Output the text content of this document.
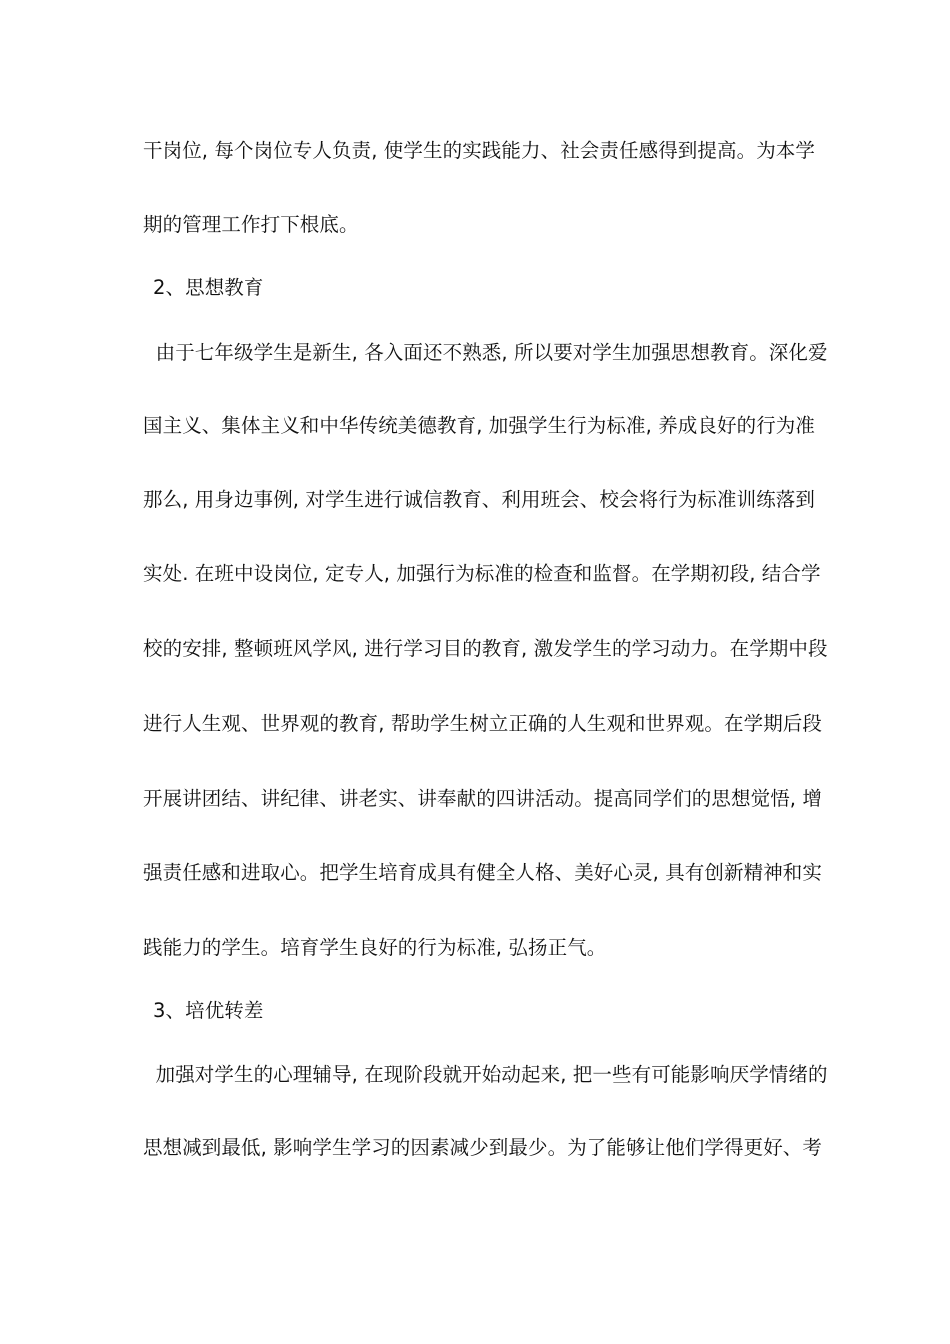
干岗位, 每个岗位专人负责, 使学生的实践能力、社会责任感得到提高。为本学
期的管理工作打下根底。
2、思想教育
由于七年级学生是新生, 各入面还不熟悉, 所以要对学生加强思想教育。深化爱
国主义、集体主义和中华传统美德教育, 加强学生行为标准, 养成良好的行为准
那么, 用身边事例, 对学生进行诚信教育、利用班会、校会将行为标准训练落到
实处. 在班中设岗位, 定专人, 加强行为标准的检查和监督。在学期初段, 结合学
校的安排, 整顿班风学风, 进行学习目的教育, 激发学生的学习动力。在学期中段
进行人生观、世界观的教育, 帮助学生树立正确的人生观和世界观。在学期后段
开展讲团结、讲纪律、讲老实、讲奉献的四讲活动。提高同学们的思想觉悟, 增
强责任感和进取心。把学生培育成具有健全人格、美好心灵, 具有创新精神和实
践能力的学生。培育学生良好的行为标准, 弘扬正气。
3、培优转差
加强对学生的心理辅导, 在现阶段就开始动起来, 把一些有可能影响厌学情绪的
思想减到最低, 影响学生学习的因素减少到最少。为了能够让他们学得更好、考
